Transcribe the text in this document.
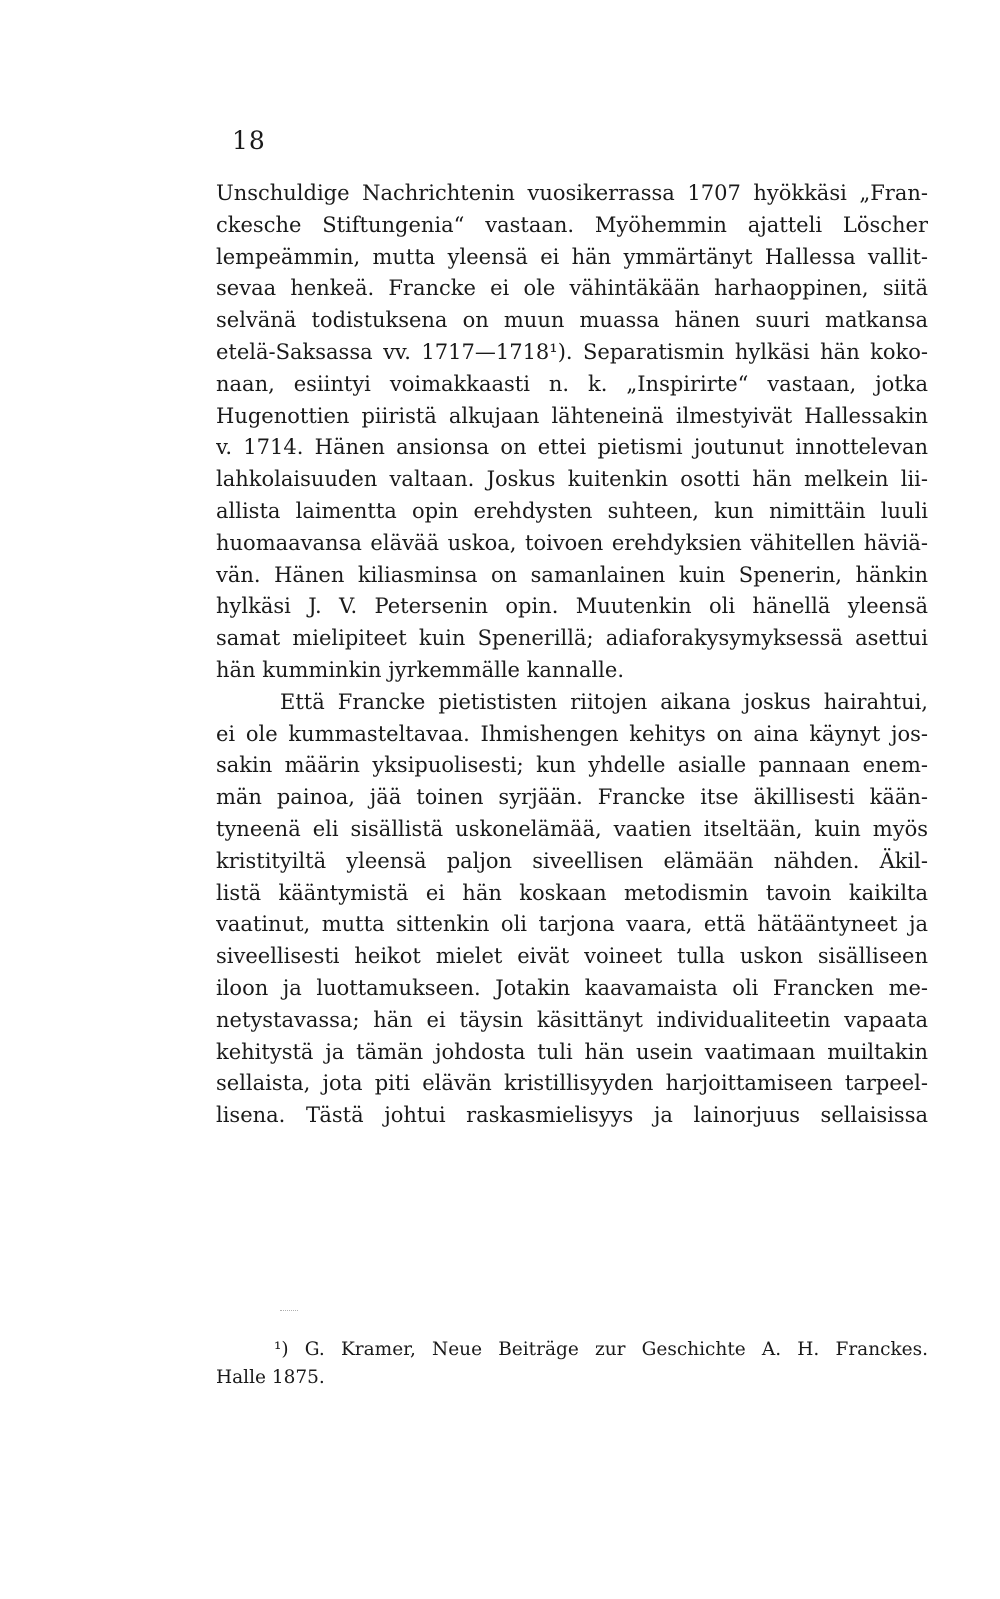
18
Unschuldige Nachrichtenin vuosikerrassa 1707 hyökkäsi „Fran-
ckesche Stiftungenia“ vastaan. Myöhemmin ajatteli Löscher
lempeämmin, mutta yleensä ei hän ymmärtänyt Hallessa vallit-
sevaa henkeä. Francke ei ole vähintäkään harhaoppinen, siitä
selvänä todistuksena on muun muassa hänen suuri matkansa
etelä-Saksassa vv. 1717—1718¹). Separatismin hylkäsi hän koko-
naan, esiintyi voimakkaasti n. k. „Inspirirte“ vastaan, jotka
Hugenottien piiristä alkujaan lähteneinä ilmestyivät Hallessakin
v. 1714. Hänen ansionsa on ettei pietismi joutunut innottelevan
lahkolaisuuden valtaan. Joskus kuitenkin osotti hän melkein lii-
allista laimentta opin erehdysten suhteen, kun nimittäin luuli
huomaavansa elävää uskoa, toivoen erehdyksien vähitellen häviä-
vän. Hänen kiliasminsa on samanlainen kuin Spenerin, hänkin
hylkäsi J. V. Petersenin opin. Muutenkin oli hänellä yleensä
samat mielipiteet kuin Spenerillä; adiaforakysymyksessä asettui
hän kumminkin jyrkemmälle kannalle.
Että Francke pietististen riitojen aikana joskus hairahtui,
ei ole kummasteltavaa. Ihmishengen kehitys on aina käynyt jos-
sakin määrin yksipuolisesti; kun yhdelle asialle pannaan enem-
män painoa, jää toinen syrjään. Francke itse äkillisesti kään-
tyneenä eli sisällistä uskonelämää, vaatien itseltään, kuin myös
kristityiltä yleensä paljon siveellisen elämään nähden. Äkil-
listä kääntymistä ei hän koskaan metodismin tavoin kaikilta
vaatinut, mutta sittenkin oli tarjona vaara, että hätääntyneet ja
siveellisesti heikot mielet eivät voineet tulla uskon sisälliseen
iloon ja luottamukseen. Jotakin kaavamaista oli Francken me-
netystavassa; hän ei täysin käsittänyt individualiteetin vapaata
kehitystä ja tämän johdosta tuli hän usein vaatimaan muiltakin
sellaista, jota piti elävän kristillisyyden harjoittamiseen tarpeel-
lisena. Tästä johtui raskasmielisyys ja lainorjuus sellaisissa
¹) G. Kramer, Neue Beiträge zur Geschichte A. H. Franckes.
Halle 1875.
